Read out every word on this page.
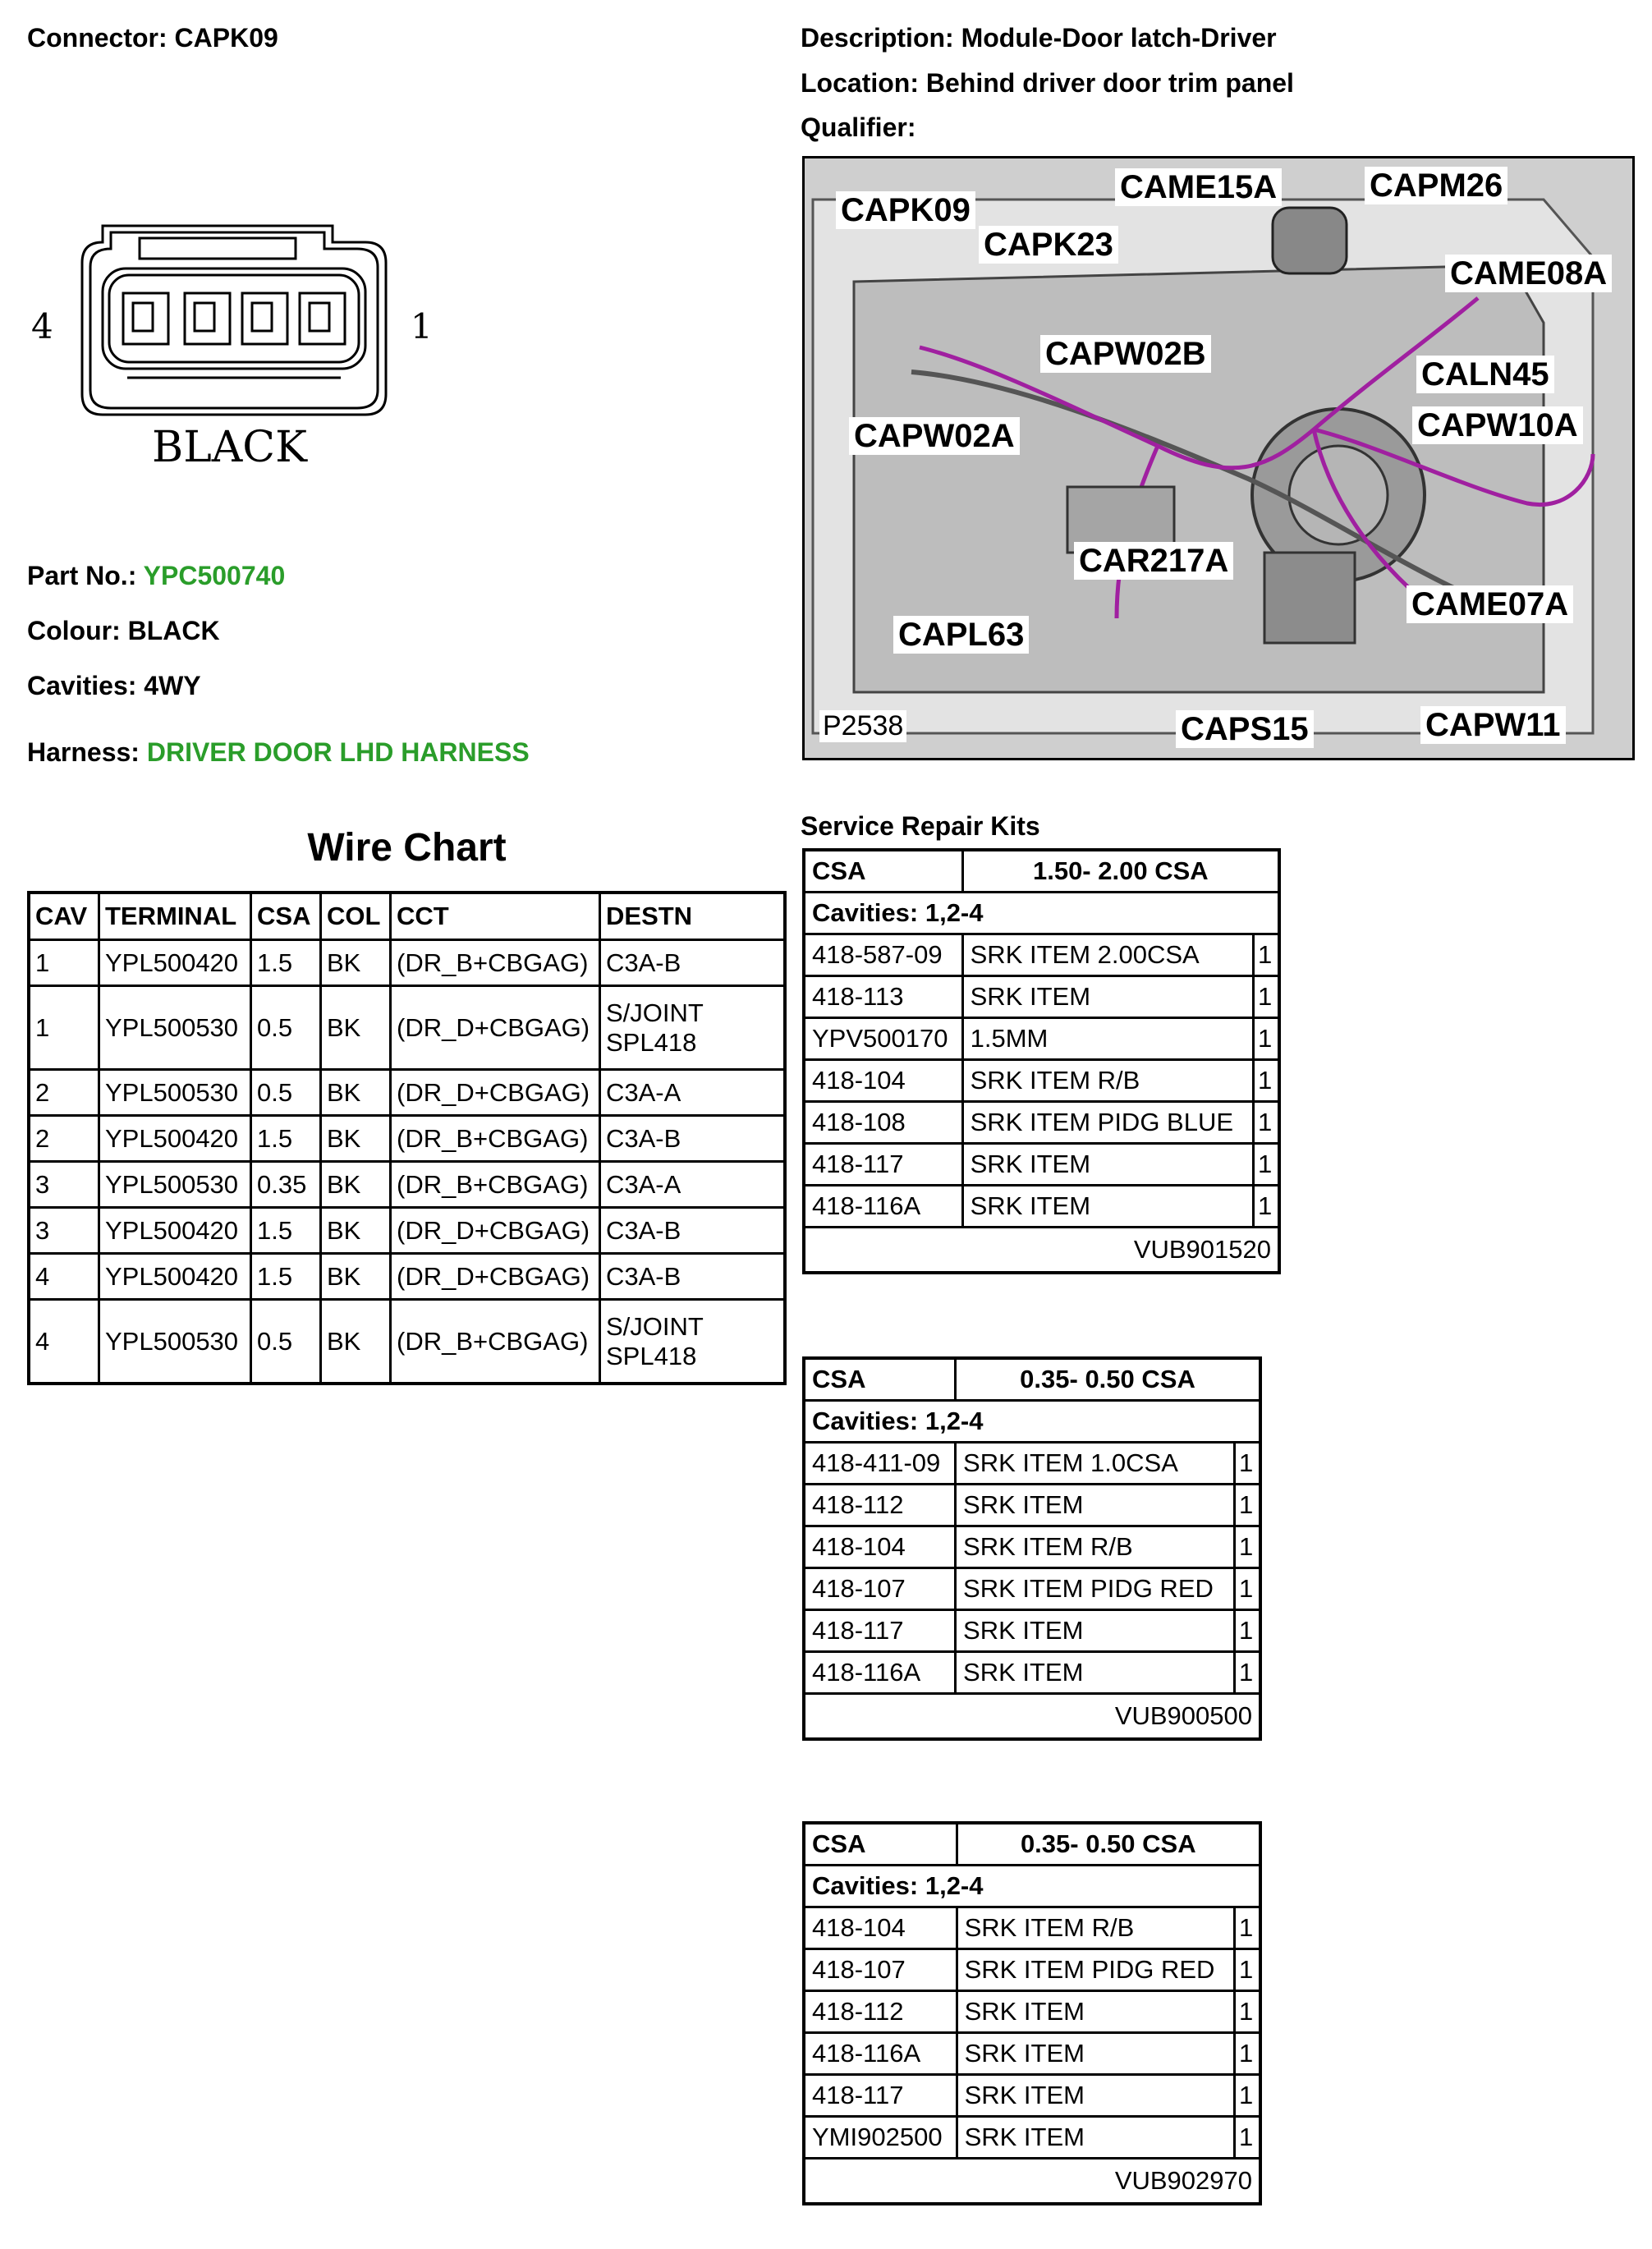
Connector: CAPK09	Description: Module-Door latch-Driver
Location: Behind driver door trim panel
Qualifier:
4	1
BLACK
Part No.: YPC500740
Colour: BLACK
Cavities: 4WY
Harness: DRIVER DOOR LHD HARNESS
CAPK09
CAPK23
CAME15A	CAPM26
CAME08A
CAPW02B
CALN45
CAPW02A	CAPW10A
CAR217A
CAPL63
CAME07A
CAPS15	CAPW11
P2538
Wire Chart
CAV	TERMINAL	CSA	COL	CCT	DESTN
1	YPL500420	1.5	BK	(DR_B+CBGAG)	C3A-B
1	YPL500530	0.5	BK	(DR_D+CBGAG)	S/JOINT
SPL418
2	YPL500530	0.5	BK	(DR_D+CBGAG)	C3A-A
2	YPL500420	1.5	BK	(DR_B+CBGAG)	C3A-B
3	YPL500530	0.35	BK	(DR_B+CBGAG)	C3A-A
3	YPL500420	1.5	BK	(DR_D+CBGAG)	C3A-B
4	YPL500420	1.5	BK	(DR_D+CBGAG)	C3A-B
4	YPL500530	0.5	BK	(DR_B+CBGAG)	S/JOINT
SPL418
Service Repair Kits
CSA	1.50- 2.00 CSA	
Cavities: 1,2-4		
418-587-09	SRK ITEM 2.00CSA	1
418-113	SRK ITEM	1
YPV500170	1.5MM	1
418-104	SRK ITEM R/B	1
418-108	SRK ITEM PIDG BLUE	1
418-117	SRK ITEM	1
418-116A	SRK ITEM	1
VUB901520		
CSA	0.35- 0.50 CSA	
Cavities: 1,2-4		
418-411-09	SRK ITEM 1.0CSA	1
418-112	SRK ITEM	1
418-104	SRK ITEM R/B	1
418-107	SRK ITEM PIDG RED	1
418-117	SRK ITEM	1
418-116A	SRK ITEM	1
VUB900500		
CSA	0.35- 0.50 CSA	
Cavities: 1,2-4		
418-104	SRK ITEM R/B	1
418-107	SRK ITEM PIDG RED	1
418-112	SRK ITEM	1
418-116A	SRK ITEM	1
418-117	SRK ITEM	1
YMI902500	SRK ITEM	1
VUB902970		
